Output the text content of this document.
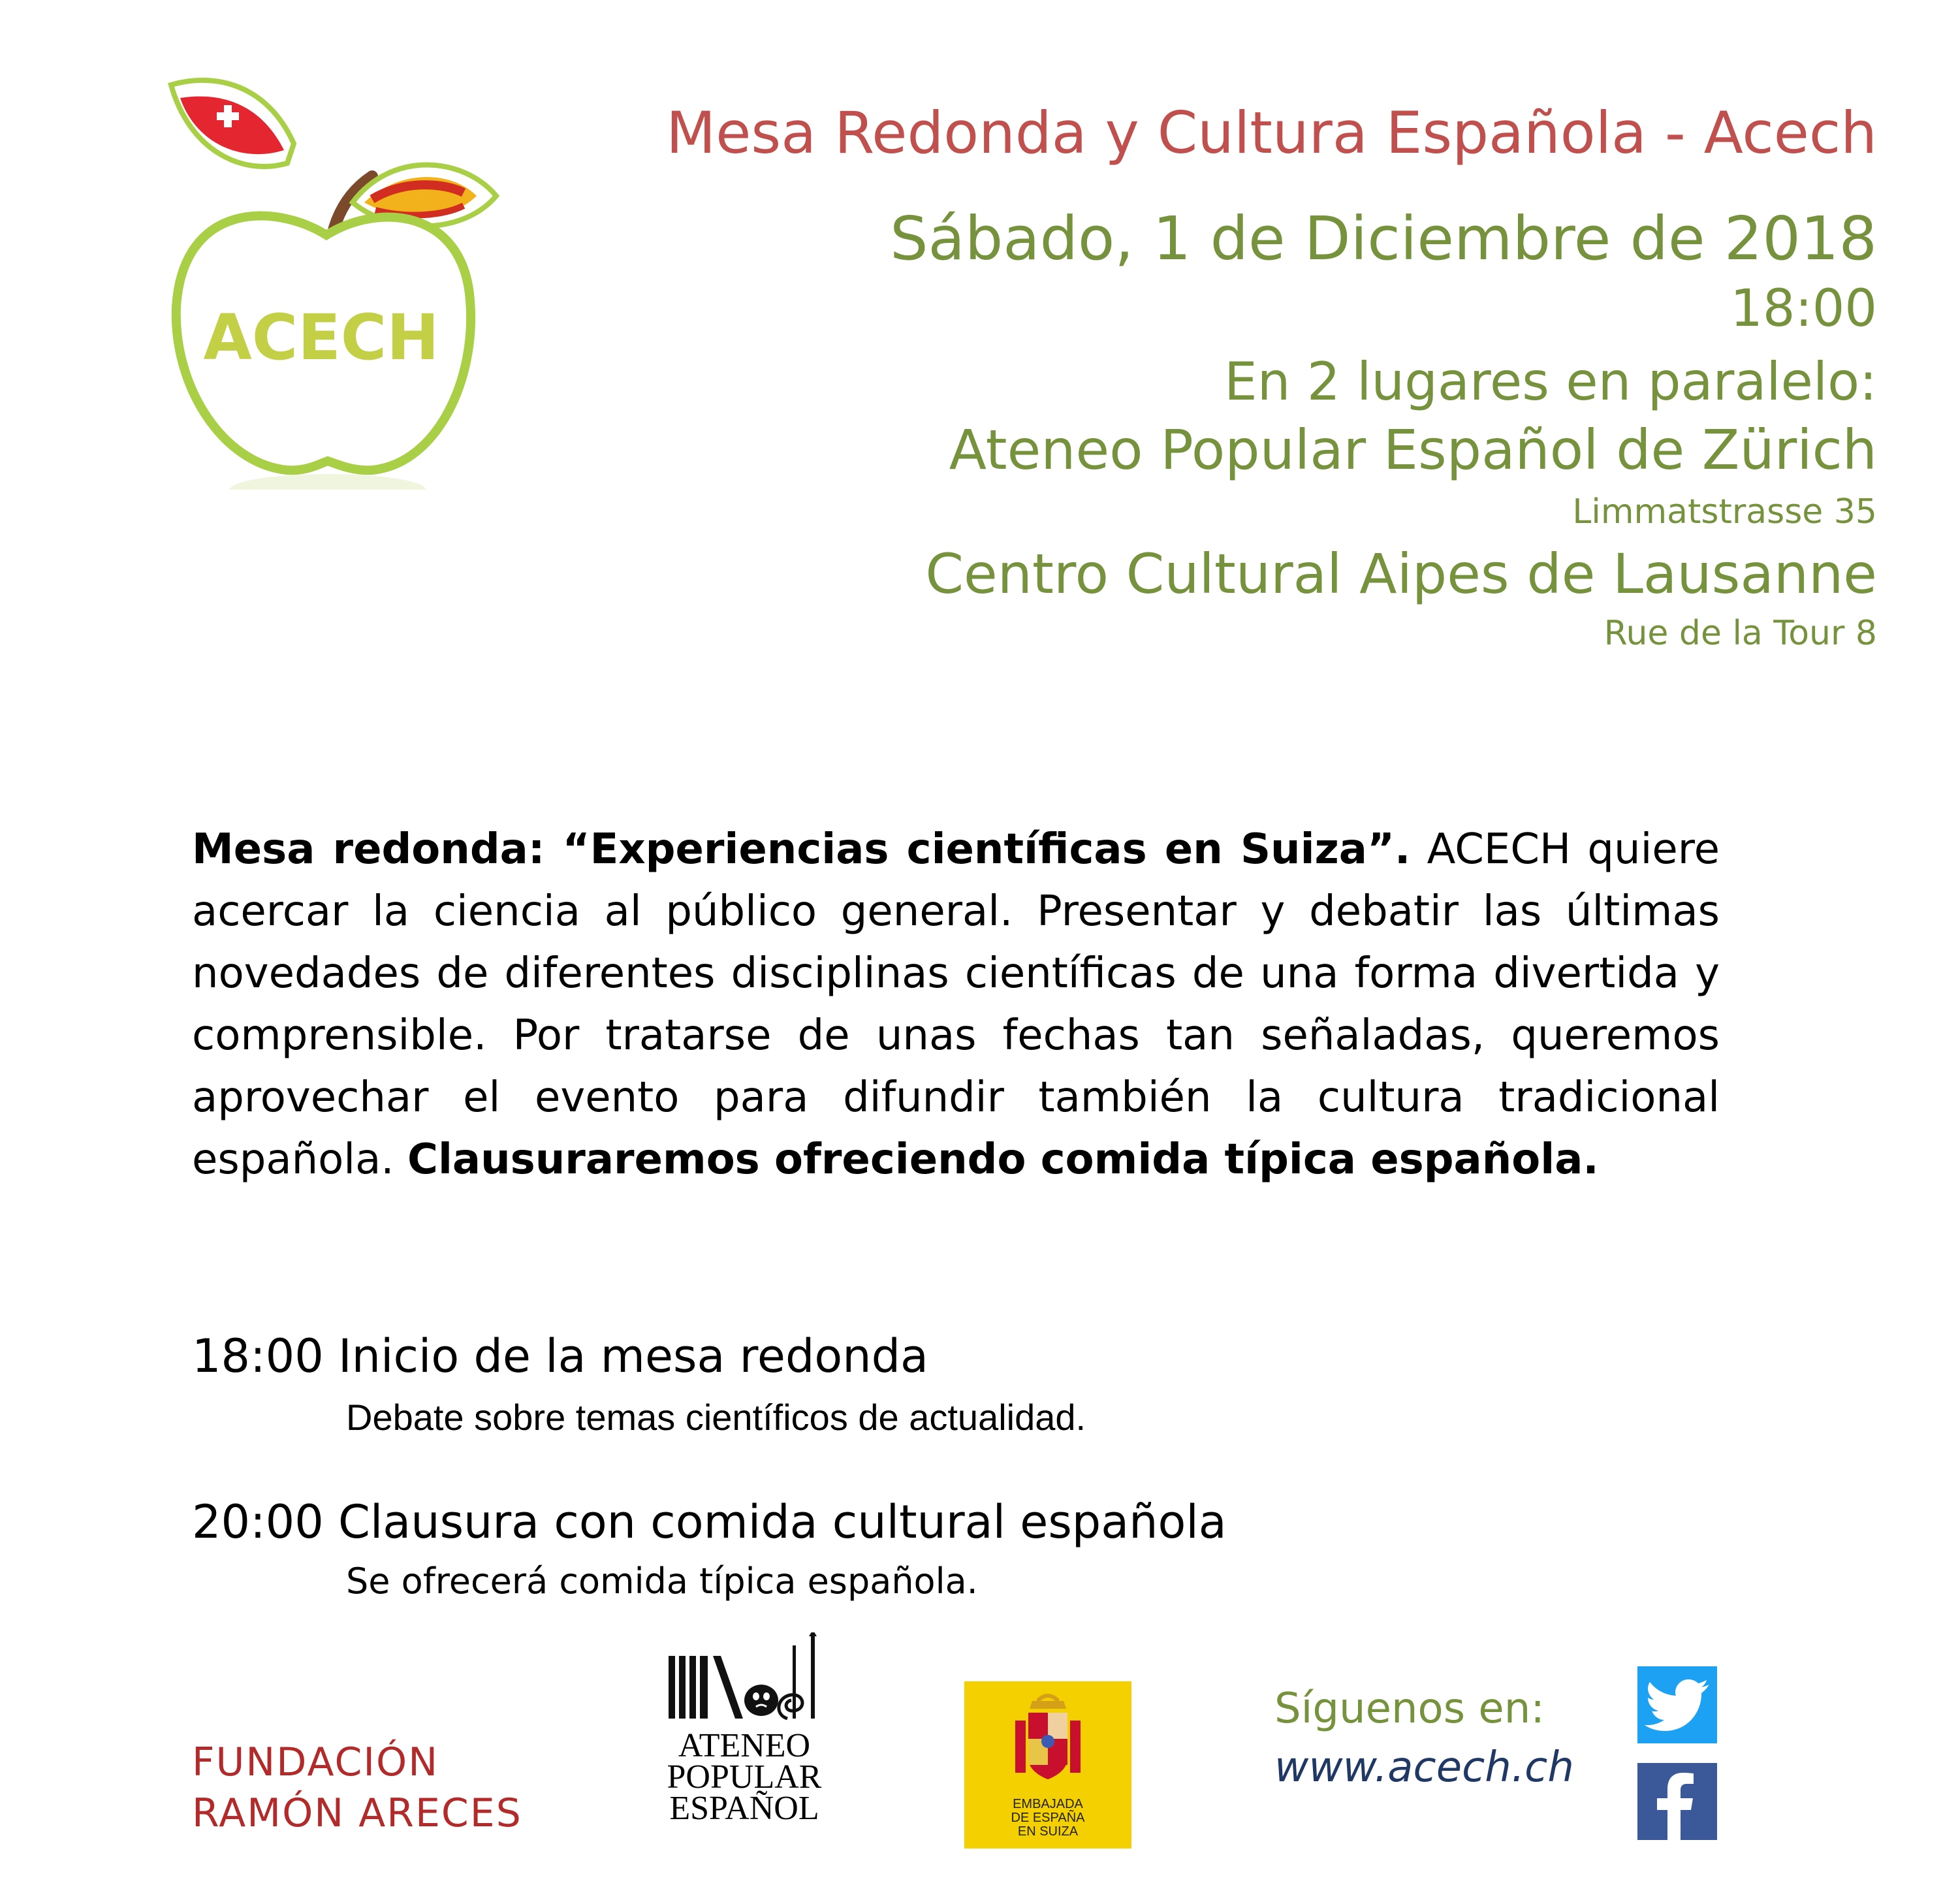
ACECH
Mesa Redonda y Cultura Española - Acech
Sábado, 1 de Diciembre de 2018
18:00
En 2 lugares en paralelo:
Ateneo Popular Español de Zürich
Limmatstrasse 35
Centro Cultural Aipes de Lausanne
Rue de la Tour 8
Mesa redonda: “Experiencias científicas en Suiza”. ACECH quiere acercar la ciencia al público general. Presentar y debatir las últimas novedades de diferentes disciplinas científicas de una forma divertida y comprensible. Por tratarse de unas fechas tan señaladas, queremos aprovechar el evento para difundir también la cultura tradicional española. Clausuraremos ofreciendo comida típica española.
18:00 Inicio de la mesa redonda
Debate sobre temas científicos de actualidad.
20:00 Clausura con comida cultural española
Se ofrecerá comida típica española.
FUNDACIÓN
RAMÓN ARECES
ATENEO
POPULAR
ESPAÑOL	EMBAJADA
DE ESPAÑA
EN SUIZA
Síguenos en:
www.acech.ch
